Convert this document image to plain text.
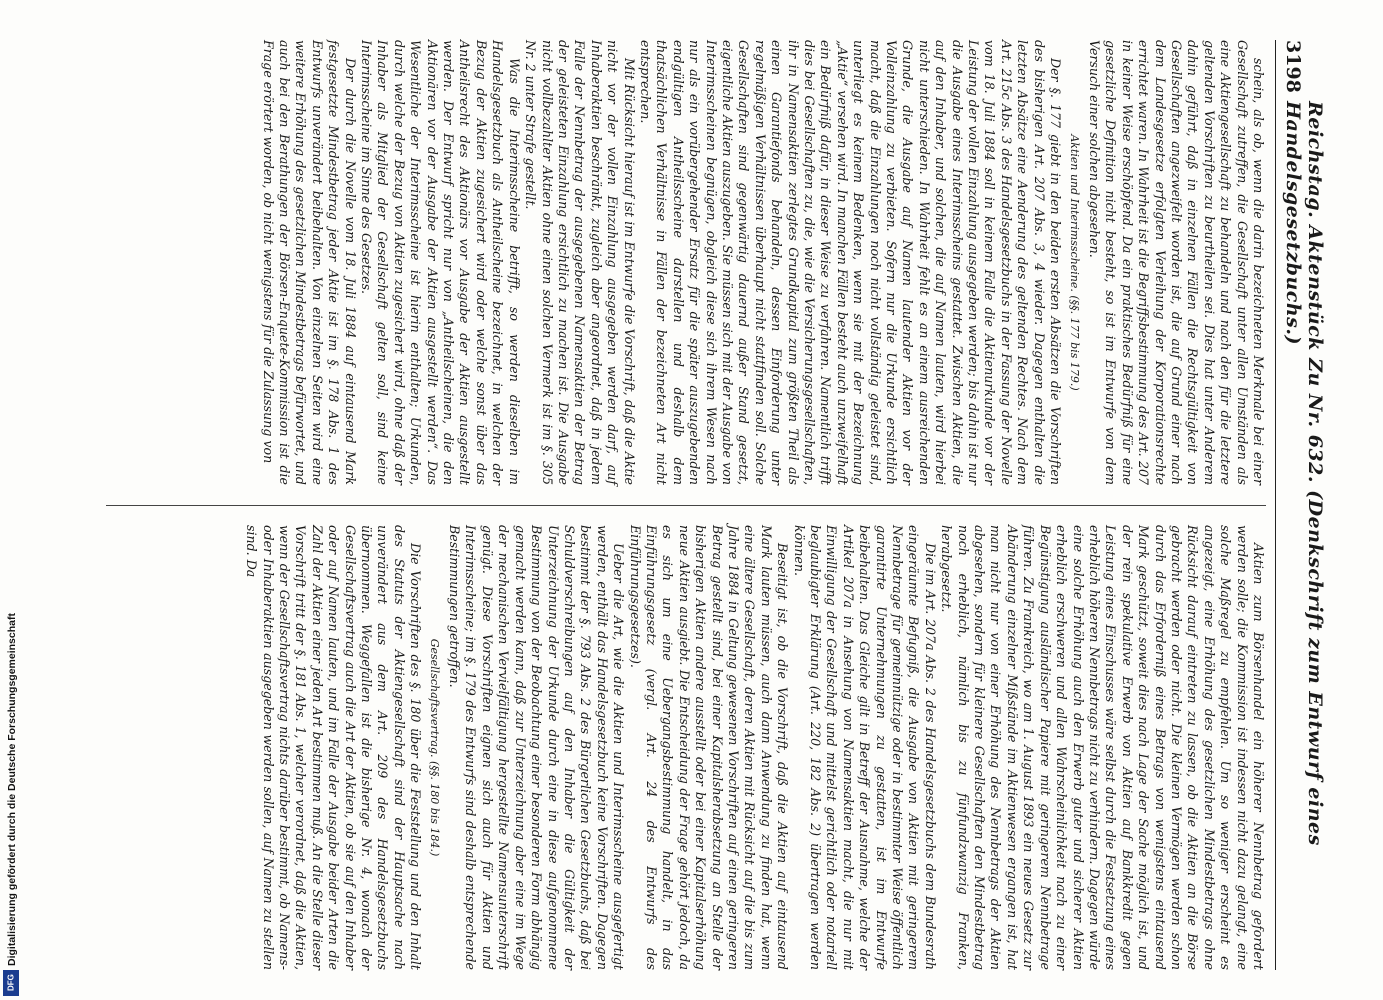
3198
Reichstag. Aktenstück Zu Nr. 632. (Denkschrift zum Entwurf eines Handelsgesetzbuchs.)

schein, als ob, wenn die darin bezeichneten Merkmale bei einer Gesellschaft zutreffen, die Gesellschaft unter allen Umständen als eine Aktiengesellschaft zu behandeln und nach den für die letztere geltenden Vorschriften zu beurtheilen sei. Dies hat unter Anderem dahin geführt, daß in einzelnen Fällen die Rechtsgültigkeit von Gesellschaften angezweifelt worden ist, die auf Grund einer nach dem Landesgesetze erfolgten Verleihung der Korporationsrechte errichtet waren. In Wahrheit ist die Begriffsbestimmung des Art. 207 in keiner Weise erschöpfend. Da ein praktisches Bedürfniß für eine gesetzliche Definition nicht besteht, so ist im Entwurfe von dem Versuch einer solchen abgesehen.

Aktien und Interimsscheine. (§§. 177 bis 179.)

Der §. 177 giebt in den beiden ersten Absätzen die Vorschriften des bisherigen Art. 207 Abs. 3, 4 wieder. Dagegen enthalten die letzten Absätze eine Aenderung des geltenden Rechtes. Nach dem Art. 215c Abs. 3 des Handelsgesetzbuchs in der Fassung der Novelle vom 18. Juli 1884 soll in keinem Falle die Aktienurkunde vor der Leistung der vollen Einzahlung ausgegeben werden; bis dahin ist nur die Ausgabe eines Interimsscheins gestattet. Zwischen Aktien, die auf den Inhaber, und solchen, die auf Namen lauten, wird hierbei nicht unterschieden. In Wahrheit fehlt es an einem ausreichenden Grunde, die Ausgabe auf Namen lautender Aktien vor der Volleinzahlung zu verbieten. Sofern nur die Urkunde ersichtlich macht, daß die Einzahlungen noch nicht vollständig geleistet sind, unterliegt es keinem Bedenken, wenn sie mit der Bezeichnung „Aktie“ versehen wird. In manchen Fällen besteht auch unzweifelhaft ein Bedürfniß dafür, in dieser Weise zu verfahren. Namentlich trifft dies bei Gesellschaften zu, die, wie die Versicherungsgesellschaften, ihr in Namensaktien zerlegtes Grundkapital zum größten Theil als einen Garantiefonds behandeln, dessen Einforderung unter regelmäßigen Verhältnissen überhaupt nicht stattfinden soll. Solche Gesellschaften sind gegenwärtig dauernd außer Stand gesetzt, eigentliche Aktien auszugeben. Sie müssen sich mit der Ausgabe von Interimsscheinen begnügen, obgleich diese sich ihrem Wesen nach nur als ein vorübergehender Ersatz für die später auszugebenden endgültigen Antheilsscheine darstellen und deshalb dem thatsächlichen Verhältnisse in Fällen der bezeichneten Art nicht entsprechen.

Mit Rücksicht hierauf ist im Entwurfe die Vorschrift, daß die Aktie nicht vor der vollen Einzahlung ausgegeben werden darf, auf Inhaberaktien beschränkt, zugleich aber angeordnet, daß in jedem Falle der Nennbetrag der ausgegebenen Namensaktien der Betrag der geleisteten Einzahlung ersichtlich zu machen ist. Die Ausgabe nicht vollbezahlter Aktien ohne einen solchen Vermerk ist im §. 305 Nr. 2 unter Strafe gestellt.

Was die Interimsscheine betrifft, so werden dieselben im Handelsgesetzbuch als Antheilscheine bezeichnet, in welchen der Bezug der Aktien zugesichert wird oder welche sonst über das Antheilsrecht des Aktionärs vor Ausgabe der Aktien ausgestellt werden. Der Entwurf spricht nur von „Antheilscheinen, die den Aktionären vor der Ausgabe der Aktien ausgestellt werden“. Das Wesentliche der Interimsscheine ist hierin enthalten; Urkunden, durch welche der Bezug von Aktien zugesichert wird, ohne daß der Inhaber als Mitglied der Gesellschaft gelten soll, sind keine Interimsscheine im Sinne des Gesetzes.

Der durch die Novelle vom 18. Juli 1884 auf eintausend Mark festgesetzte Mindestbetrag jeder Aktie ist im §. 178 Abs. 1 des Entwurfs unverändert beibehalten. Von einzelnen Seiten wird eine weitere Erhöhung des gesetzlichen Mindestbetrags befürwortet, und auch bei den Berathungen der Börsen-Enquete-Kommission ist die Frage erörtert worden, ob nicht wenigstens für die Zulassung von

Aktien zum Börsenhandel ein höherer Nennbetrag gefordert werden solle; die Kommission ist indessen nicht dazu gelangt, eine solche Maßregel zu empfehlen. Um so weniger erscheint es angezeigt, eine Erhöhung des gesetzlichen Mindestbetrags ohne Rücksicht darauf eintreten zu lassen, ob die Aktien an die Börse gebracht werden oder nicht. Die kleinen Vermögen werden schon durch das Erforderniß eines Betrags von wenigstens eintausend Mark geschützt, soweit dies nach Lage der Sache möglich ist, und der rein spekulative Erwerb von Aktien auf Bankkredit gegen Leistung eines Einschusses wäre selbst durch die Festsetzung eines erheblich höheren Nennbetrags nicht zu verhindern. Dagegen würde eine solche Erhöhung auch den Erwerb guter und sicherer Aktien erheblich erschweren und allen Wahrscheinlichkeit nach zu einer Begünstigung ausländischer Papiere mit geringerem Nennbetrage führen. Zu Frankreich, wo am 1. August 1893 ein neues Gesetz zur Abänderung einzelner Mißstände im Aktienwesen ergangen ist, hat man nicht nur von einer Erhöhung des Nennbetrags der Aktien abgesehen, sondern für kleinere Gesellschaften den Mindestbetrag noch erheblich, nämlich bis zu fünfundzwanzig Franken, herabgesetzt.

Die im Art. 207a Abs. 2 des Handelsgesetzbuchs dem Bundesrath eingeräumte Befugniß, die Ausgabe von Aktien mit geringerem Nennbetrage für gemeinnützige oder in bestimmter Weise öffentlich garantirte Unternehmungen zu gestatten, ist im Entwurfe beibehalten. Das Gleiche gilt in Betreff der Ausnahme, welche der Artikel 207a in Ansehung von Namensaktien macht, die nur mit Einwilligung der Gesellschaft und mittelst gerichtlich oder notariell beglaubigter Erklärung (Art. 220, 182 Abs. 2) übertragen werden können.

Beseitigt ist, ob die Vorschrift, daß die Aktien auf eintausend Mark lauten müssen, auch dann Anwendung zu finden hat, wenn eine ältere Gesellschaft, deren Aktien mit Rücksicht auf die bis zum Jahre 1884 in Geltung gewesenen Vorschriften auf einen geringeren Betrag gestellt sind, bei einer Kapitalsherabsetzung an Stelle der bisherigen Aktien andere ausstellt oder bei einer Kapitalserhöhung neue Aktien ausgiebt. Die Entscheidung der Frage gehört jedoch, da es sich um eine Uebergangsbestimmung handelt, in das Einführungsgesetz (vergl. Art. 24 des Entwurfs des Einführungsgesetzes).

Ueber die Art, wie die Aktien und Interimsscheine ausgefertigt werden, enthält das Handelsgesetzbuch keine Vorschriften. Dagegen bestimmt der §. 793 Abs. 2 des Bürgerlichen Gesetzbuchs, daß bei Schuldverschreibungen auf den Inhaber die Gültigkeit der Unterzeichnung der Urkunde durch eine in diese aufgenommene Bestimmung von der Beobachtung einer besonderen Form abhängig gemacht werden kann, daß zur Unterzeichnung aber eine im Wege der mechanischen Vervielfältigung hergestellte Namensunterschrift genügt. Diese Vorschriften eignen sich auch für Aktien und Interimsscheine; im §. 179 des Entwurfs sind deshalb entsprechende Bestimmungen getroffen.

Gesellschaftsvertrag. (§§. 180 bis 184.)

Die Vorschriften des §. 180 über die Feststellung und den Inhalt des Statuts der Aktiengesellschaft sind der Hauptsache nach unverändert aus dem Art. 209 des Handelsgesetzbuchs übernommen. Weggefallen ist die bisherige Nr. 4, wonach der Gesellschaftsvertrag auch die Art der Aktien, ob sie auf den Inhaber oder auf Namen lauten, und im Falle der Ausgabe beider Arten die Zahl der Aktien einer jeden Art bestimmen muß. An die Stelle dieser Vorschrift tritt der §. 181 Abs. 1, welcher verordnet, daß die Aktien, wenn der Gesellschaftsvertrag nichts darüber bestimmt, ob Namens- oder Inhaberaktien ausgegeben werden sollen, auf Namen zu stellen sind. Da

Digitalisierung gefördert durch die Deutsche Forschungsgemeinschaft
DFG
